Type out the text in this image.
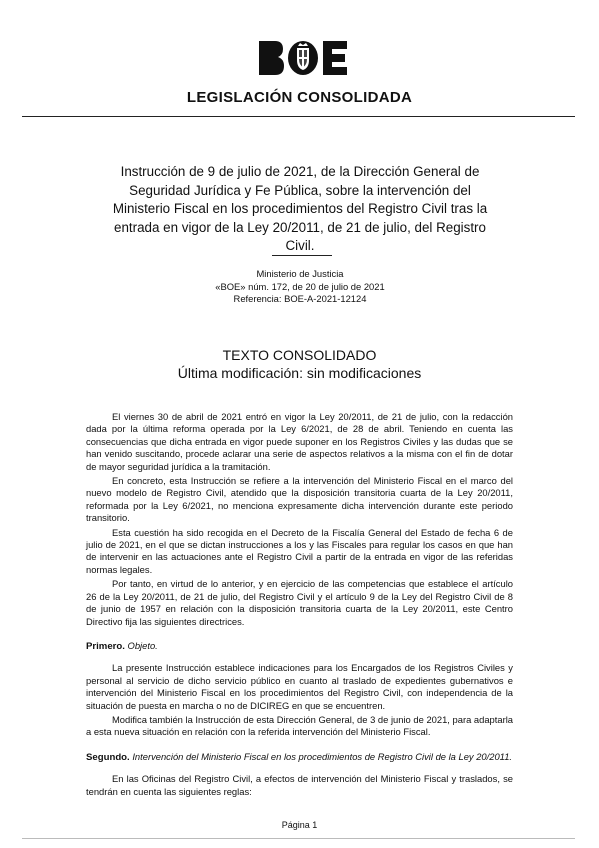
LEGISLACIÓN CONSOLIDADA
Instrucción de 9 de julio de 2021, de la Dirección General de Seguridad Jurídica y Fe Pública, sobre la intervención del Ministerio Fiscal en los procedimientos del Registro Civil tras la entrada en vigor de la Ley 20/2011, de 21 de julio, del Registro Civil.
Ministerio de Justicia
«BOE» núm. 172, de 20 de julio de 2021
Referencia: BOE-A-2021-12124
TEXTO CONSOLIDADO
Última modificación: sin modificaciones

El viernes 30 de abril de 2021 entró en vigor la Ley 20/2011, de 21 de julio, con la redacción dada por la última reforma operada por la Ley 6/2021, de 28 de abril. Teniendo en cuenta las consecuencias que dicha entrada en vigor puede suponer en los Registros Civiles y las dudas que se han venido suscitando, procede aclarar una serie de aspectos relativos a la misma con el fin de dotar de mayor seguridad jurídica a la tramitación.

En concreto, esta Instrucción se refiere a la intervención del Ministerio Fiscal en el marco del nuevo modelo de Registro Civil, atendido que la disposición transitoria cuarta de la Ley 20/2011, reformada por la Ley 6/2021, no menciona expresamente dicha intervención durante este periodo transitorio.

Esta cuestión ha sido recogida en el Decreto de la Fiscalía General del Estado de fecha 6 de julio de 2021, en el que se dictan instrucciones a los y las Fiscales para regular los casos en que han de intervenir en las actuaciones ante el Registro Civil a partir de la entrada en vigor de las referidas normas legales.

Por tanto, en virtud de lo anterior, y en ejercicio de las competencias que establece el artículo 26 de la Ley 20/2011, de 21 de julio, del Registro Civil y el artículo 9 de la Ley del Registro Civil de 8 de junio de 1957 en relación con la disposición transitoria cuarta de la Ley 20/2011, este Centro Directivo fija las siguientes directrices.

Primero. Objeto.

La presente Instrucción establece indicaciones para los Encargados de los Registros Civiles y personal al servicio de dicho servicio público en cuanto al traslado de expedientes gubernativos e intervención del Ministerio Fiscal en los procedimientos del Registro Civil, con independencia de la situación de puesta en marcha o no de DICIREG en que se encuentren.

Modifica también la Instrucción de esta Dirección General, de 3 de junio de 2021, para adaptarla a esta nueva situación en relación con la referida intervención del Ministerio Fiscal.

Segundo. Intervención del Ministerio Fiscal en los procedimientos de Registro Civil de la Ley 20/2011.

En las Oficinas del Registro Civil, a efectos de intervención del Ministerio Fiscal y traslados, se tendrán en cuenta las siguientes reglas:

Página 1
